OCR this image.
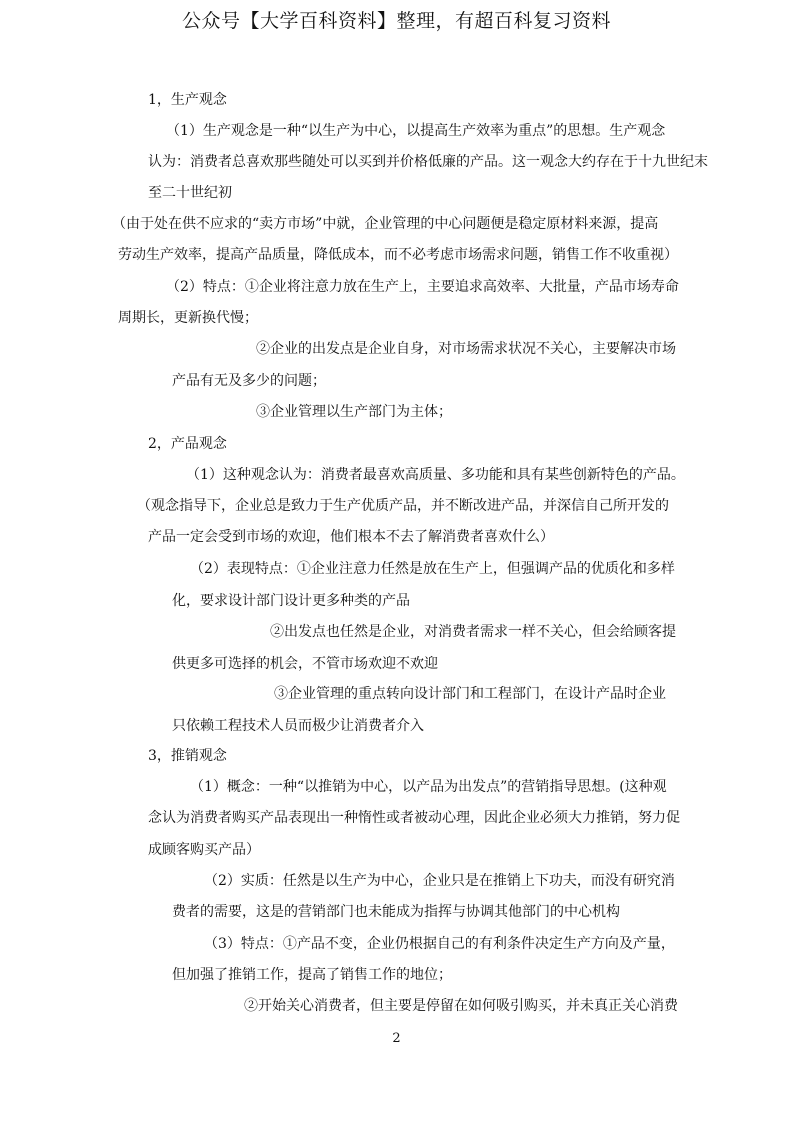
公众号【大学百科资料】整理，有超百科复习资料
1，生产观念
（1）生产观念是一种“以生产为中心，以提高生产效率为重点”的思想。生产观念
认为：消费者总喜欢那些随处可以买到并价格低廉的产品。这一观念大约存在于十九世纪末
至二十世纪初
（由于处在供不应求的“卖方市场”中就，企业管理的中心问题便是稳定原材料来源，提高
劳动生产效率，提高产品质量，降低成本，而不必考虑市场需求问题，销售工作不收重视）
（2）特点：①企业将注意力放在生产上，主要追求高效率、大批量，产品市场寿命
周期长，更新换代慢；
②企业的出发点是企业自身，对市场需求状况不关心，主要解决市场
产品有无及多少的问题；
③企业管理以生产部门为主体；
2，产品观念
（1）这种观念认为：消费者最喜欢高质量、多功能和具有某些创新特色的产品。
（观念指导下，企业总是致力于生产优质产品，并不断改进产品，并深信自己所开发的
产品一定会受到市场的欢迎，他们根本不去了解消费者喜欢什么）
（2）表现特点：①企业注意力任然是放在生产上，但强调产品的优质化和多样
化，要求设计部门设计更多种类的产品
②出发点也任然是企业，对消费者需求一样不关心，但会给顾客提
供更多可选择的机会，不管市场欢迎不欢迎
③企业管理的重点转向设计部门和工程部门，在设计产品时企业
只依赖工程技术人员而极少让消费者介入
3，推销观念
（1）概念：一种“以推销为中心，以产品为出发点”的营销指导思想。(这种观
念认为消费者购买产品表现出一种惰性或者被动心理，因此企业必须大力推销，努力促
成顾客购买产品）
（2）实质：任然是以生产为中心，企业只是在推销上下功夫，而没有研究消
费者的需要，这是的营销部门也未能成为指挥与协调其他部门的中心机构
（3）特点：①产品不变，企业仍根据自己的有利条件决定生产方向及产量，
但加强了推销工作，提高了销售工作的地位；
②开始关心消费者，但主要是停留在如何吸引购买，并未真正关心消费
2
